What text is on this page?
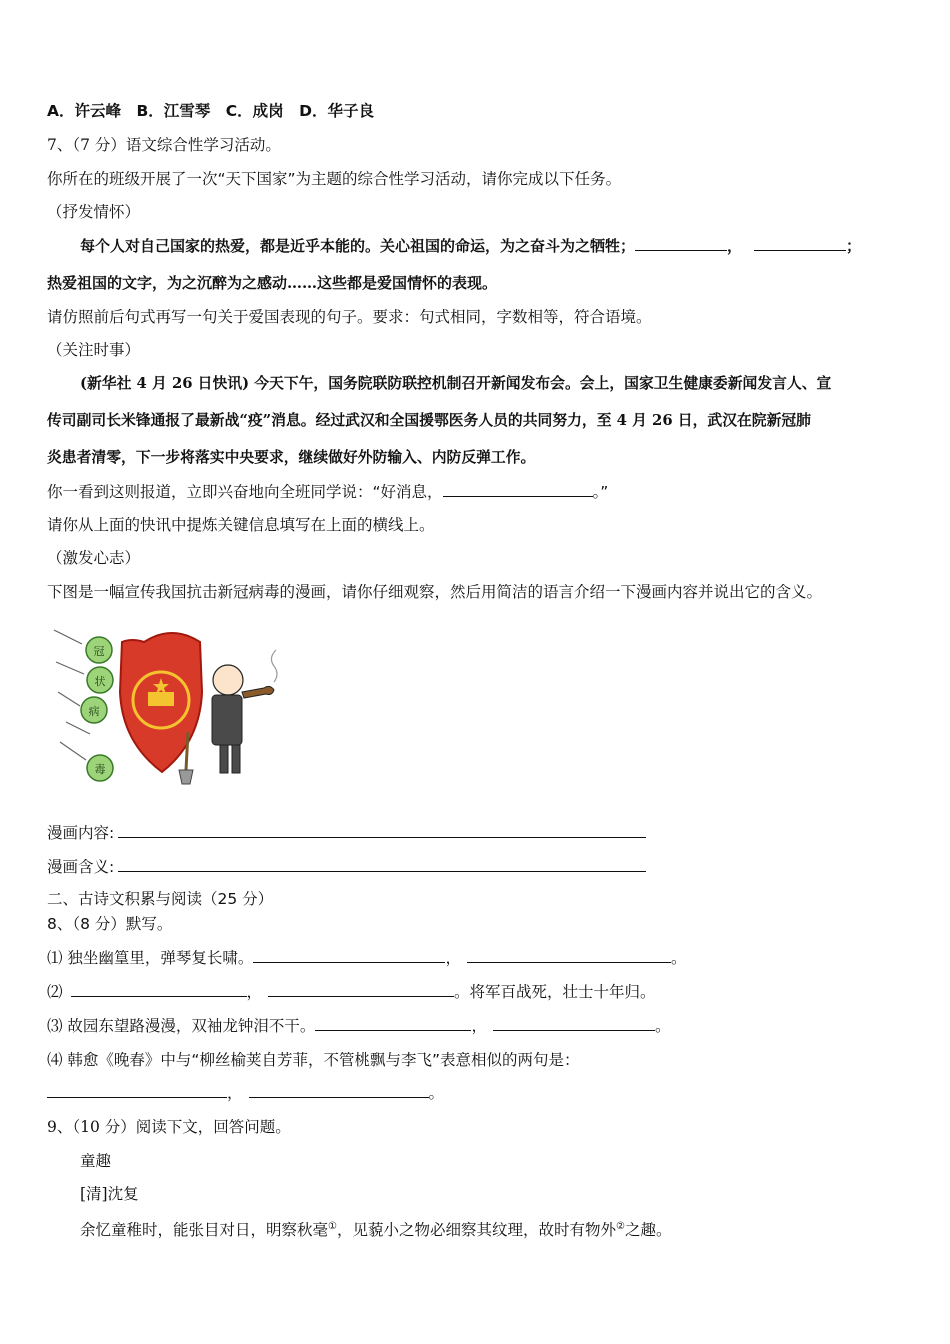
A．许云峰　B．江雪琴　C．成岗　D．华子良
7、（7 分）语文综合性学习活动。
你所在的班级开展了一次“天下国家”为主题的综合性学习活动，请你完成以下任务。
（抒发情怀）
每个人对自己国家的热爱，都是近乎本能的。关心祖国的命运，为之奋斗为之牺牲；	，	；
热爱祖国的文字，为之沉醉为之感动……这些都是爱国情怀的表现。
请仿照前后句式再写一句关于爱国表现的句子。要求：句式相同，字数相等，符合语境。
（关注时事）
(新华社 4 月 26 日快讯) 今天下午，国务院联防联控机制召开新闻发布会。会上，国家卫生健康委新闻发言人、宣
传司副司长米锋通报了最新战“疫”消息。经过武汉和全国援鄂医务人员的共同努力，至 4 月 26 日，武汉在院新冠肺
炎患者清零，下一步将落实中央要求，继续做好外防输入、内防反弹工作。
你一看到这则报道，立即兴奋地向全班同学说：“好消息，	。”
请你从上面的快讯中提炼关键信息填写在上面的横线上。
（激发心志）
下图是一幅宣传我国抗击新冠病毒的漫画，请你仔细观察，然后用简洁的语言介绍一下漫画内容并说出它的含义。
冠
状
病
毒
漫画内容:
漫画含义:
二、古诗文积累与阅读（25 分）
8、（8 分）默写。
⑴ 独坐幽篁里，弹琴复长啸。	，	。
⑵	，	。将军百战死，壮士十年归。
⑶ 故园东望路漫漫，双袖龙钟泪不干。	，	。
⑷ 韩愈《晚春》中与“柳丝榆荚自芳菲，不管桃飘与李飞”表意相似的两句是：
，	。
9、（10 分）阅读下文，回答问题。
童趣
[清]沈复
余忆童稚时，能张目对日，明察秋毫①，见藐小之物必细察其纹理，故时有物外②之趣。
